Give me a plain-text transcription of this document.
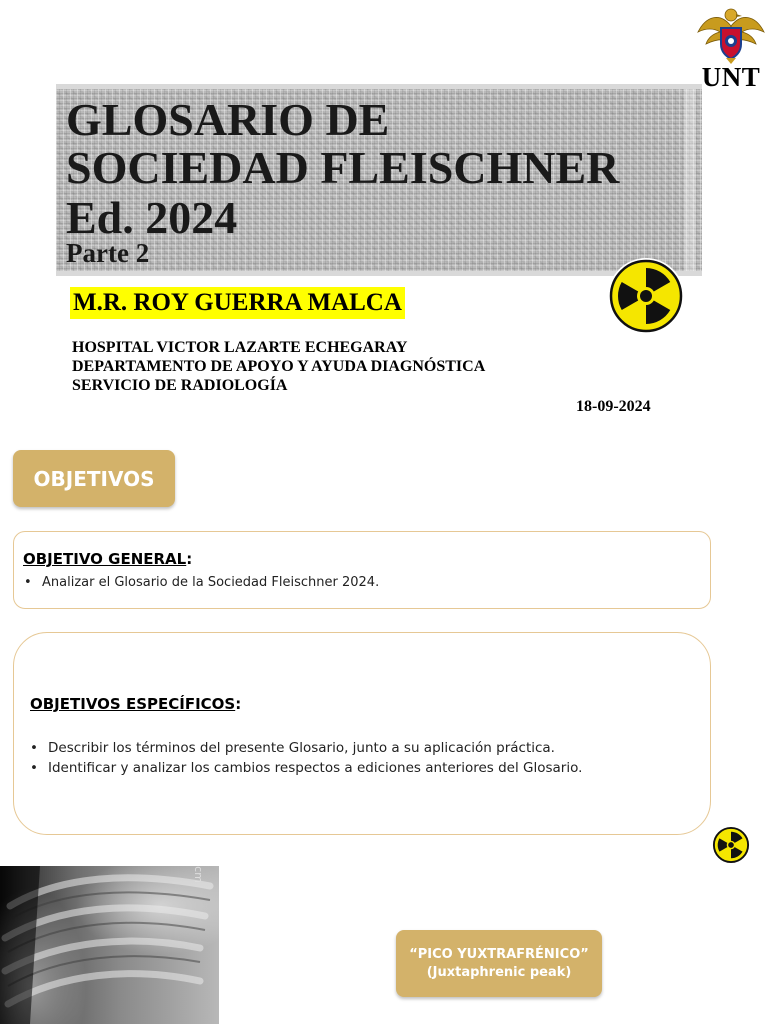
UNT
GLOSARIO DE
SOCIEDAD FLEISCHNER
Ed. 2024
Parte 2
M.R. ROY GUERRA MALCA
HOSPITAL VICTOR LAZARTE ECHEGARAY
DEPARTAMENTO DE APOYO Y AYUDA DIAGNÓSTICA
SERVICIO DE RADIOLOGÍA
18-09-2024
OBJETIVOS
OBJETIVO GENERAL:
• Analizar el Glosario de la Sociedad Fleischner 2024.
OBJETIVOS ESPECÍFICOS:
• Describir los términos del presente Glosario, junto a su aplicación práctica.
• Identificar y analizar los cambios respectos a ediciones anteriores del Glosario.
cm
“PICO YUXTRAFRÉNICO”
(Juxtaphrenic peak)
